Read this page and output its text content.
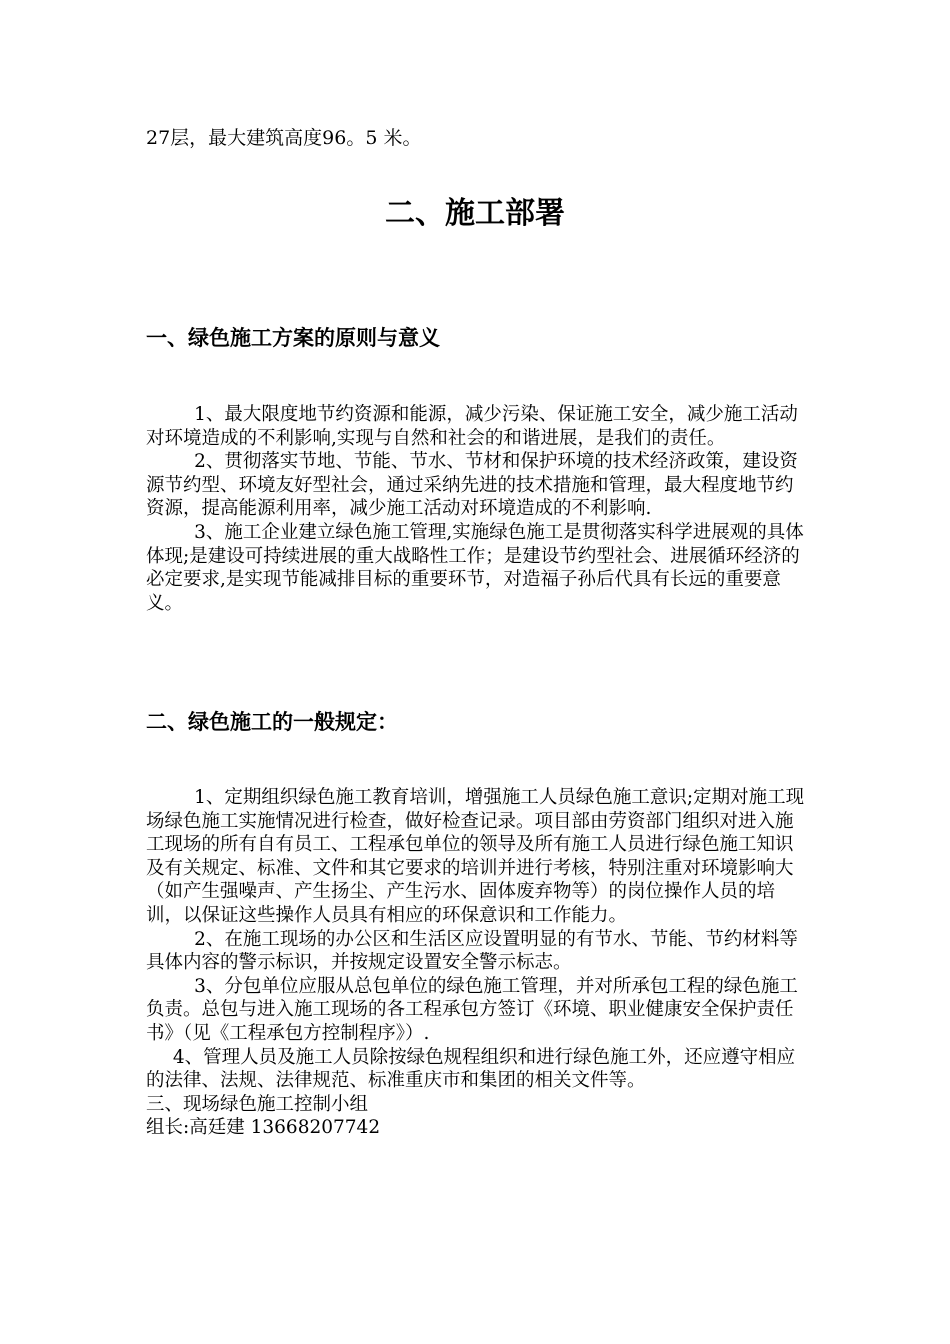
27层，最大建筑高度96。5 米。
二、施工部署
一、绿色施工方案的原则与意义

1、最大限度地节约资源和能源，减少污染、保证施工安全，减少施工活动对环境造成的不利影响,实现与自然和社会的和谐进展，是我们的责任。

2、贯彻落实节地、节能、节水、节材和保护环境的技术经济政策，建设资源节约型、环境友好型社会，通过采纳先进的技术措施和管理，最大程度地节约资源，提高能源利用率，减少施工活动对环境造成的不利影响.

3、施工企业建立绿色施工管理,实施绿色施工是贯彻落实科学进展观的具体体现;是建设可持续进展的重大战略性工作；是建设节约型社会、进展循环经济的必定要求,是实现节能减排目标的重要环节，对造福子孙后代具有长远的重要意义。

二、绿色施工的一般规定：

1、定期组织绿色施工教育培训，增强施工人员绿色施工意识;定期对施工现场绿色施工实施情况进行检查，做好检查记录。项目部由劳资部门组织对进入施工现场的所有自有员工、工程承包单位的领导及所有施工人员进行绿色施工知识及有关规定、标准、文件和其它要求的培训并进行考核，特别注重对环境影响大（如产生强噪声、产生扬尘、产生污水、固体废弃物等）的岗位操作人员的培训，以保证这些操作人员具有相应的环保意识和工作能力。

2、在施工现场的办公区和生活区应设置明显的有节水、节能、节约材料等具体内容的警示标识，并按规定设置安全警示标志。

3、分包单位应服从总包单位的绿色施工管理，并对所承包工程的绿色施工负责。总包与进入施工现场的各工程承包方签订《环境、职业健康安全保护责任书》（见《工程承包方控制程序》）.

4、管理人员及施工人员除按绿色规程组织和进行绿色施工外，还应遵守相应的法律、法规、法律规范、标准重庆市和集团的相关文件等。

三、现场绿色施工控制小组

组长:高廷建 13668207742
